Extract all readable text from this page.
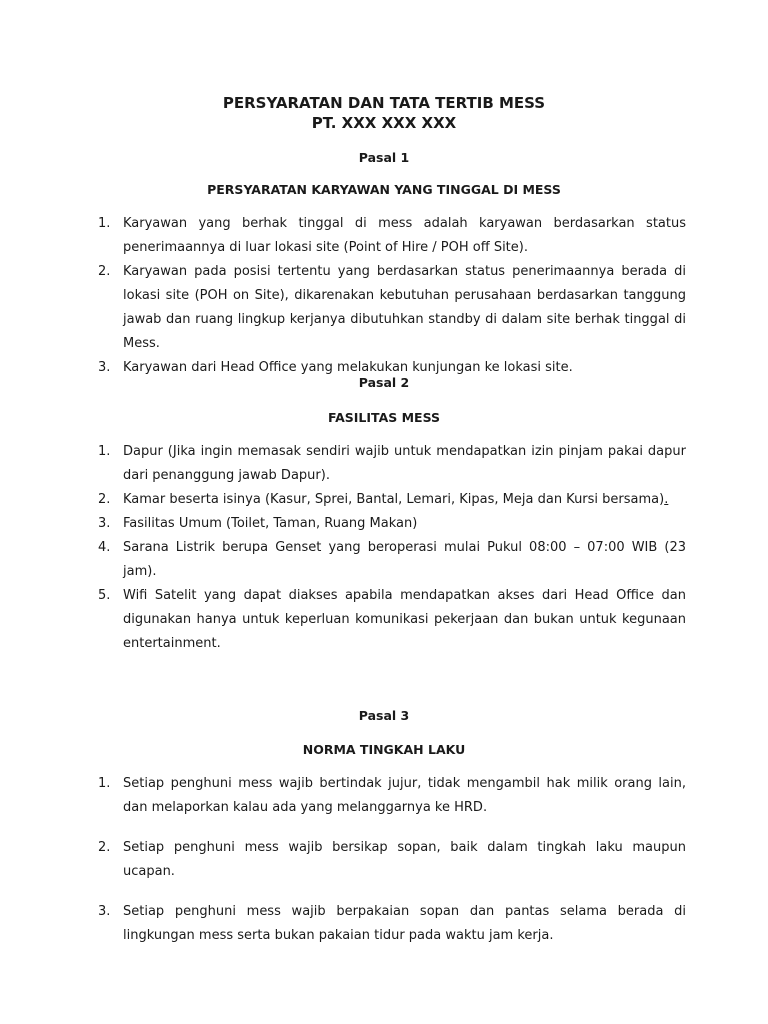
PERSYARATAN DAN TATA TERTIB MESS
PT. XXX XXX XXX
Pasal 1
PERSYARATAN KARYAWAN YANG TINGGAL DI MESS
1. Karyawan yang berhak tinggal di mess adalah karyawan berdasarkan status penerimaannya di luar lokasi site (Point of Hire / POH off Site).
2. Karyawan pada posisi tertentu yang berdasarkan status penerimaannya berada di lokasi site (POH on Site), dikarenakan kebutuhan perusahaan berdasarkan tanggung jawab dan ruang lingkup kerjanya dibutuhkan standby di dalam site berhak tinggal di Mess.
3. Karyawan dari Head Office yang melakukan kunjungan ke lokasi site.
Pasal 2
FASILITAS MESS
1. Dapur (Jika ingin memasak sendiri wajib untuk mendapatkan izin pinjam pakai dapur dari penanggung jawab Dapur).
2. Kamar beserta isinya (Kasur, Sprei, Bantal, Lemari, Kipas, Meja dan Kursi bersama).
3. Fasilitas Umum (Toilet, Taman, Ruang Makan)
4. Sarana Listrik berupa Genset yang beroperasi mulai Pukul 08:00 – 07:00 WIB (23 jam).
5. Wifi Satelit yang dapat diakses apabila mendapatkan akses dari Head Office dan digunakan hanya untuk keperluan komunikasi pekerjaan dan bukan untuk kegunaan entertainment.
Pasal 3
NORMA TINGKAH LAKU
1. Setiap penghuni mess wajib bertindak jujur, tidak mengambil hak milik orang lain, dan melaporkan kalau ada yang melanggarnya ke HRD.
2. Setiap penghuni mess wajib bersikap sopan, baik dalam tingkah laku maupun ucapan.
3. Setiap penghuni mess wajib berpakaian sopan dan pantas selama berada di lingkungan mess serta bukan pakaian tidur pada waktu jam kerja.
